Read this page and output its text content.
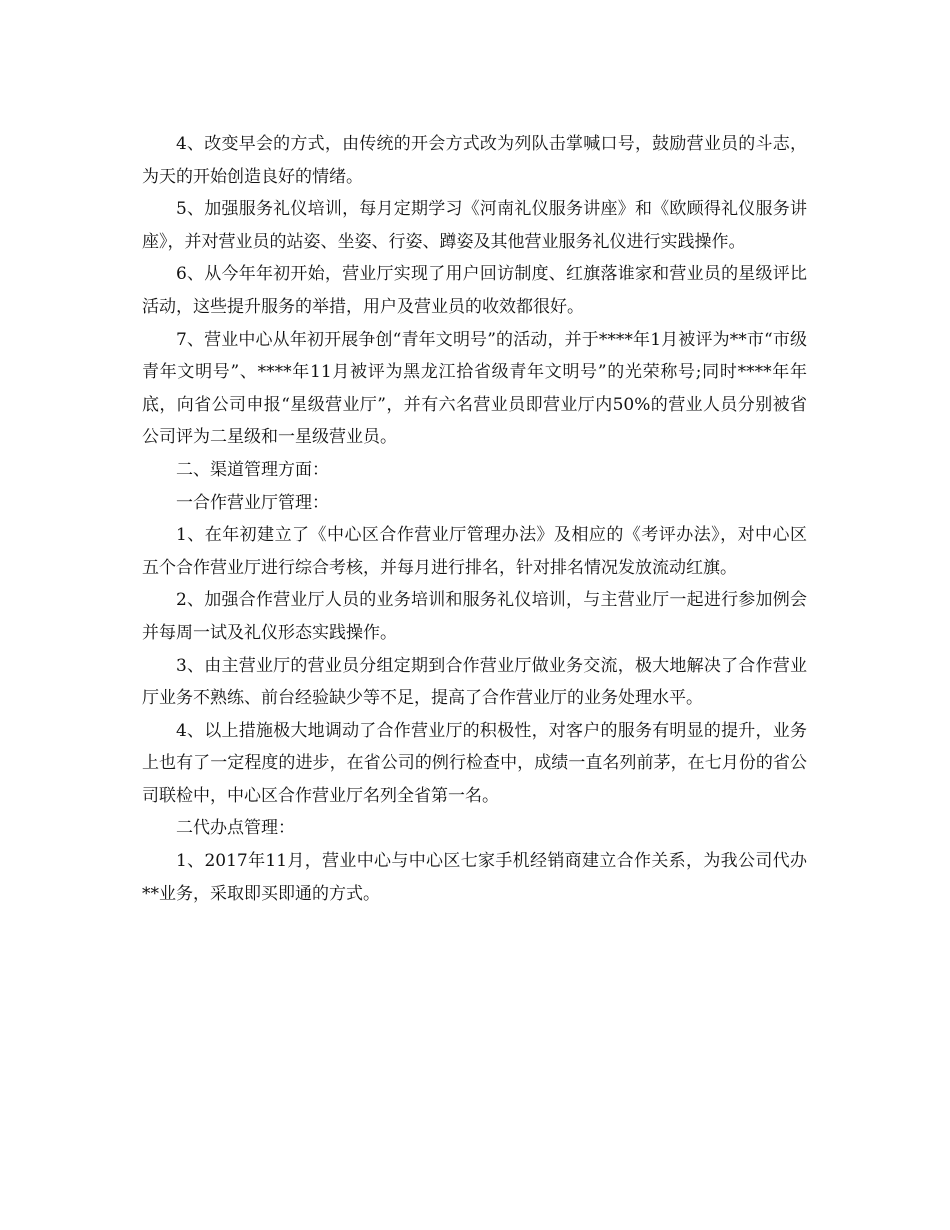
4、改变早会的方式，由传统的开会方式改为列队击掌喊口号，鼓励营业员的斗志，为天的开始创造良好的情绪。

5、加强服务礼仪培训，每月定期学习《河南礼仪服务讲座》和《欧顾得礼仪服务讲座》，并对营业员的站姿、坐姿、行姿、蹲姿及其他营业服务礼仪进行实践操作。

6、从今年年初开始，营业厅实现了用户回访制度、红旗落谁家和营业员的星级评比活动，这些提升服务的举措，用户及营业员的收效都很好。

7、营业中心从年初开展争创“青年文明号”的活动，并于****年1月被评为**市“市级青年文明号”、****年11月被评为黑龙江拾省级青年文明号”的光荣称号;同时****年年底，向省公司申报“星级营业厅”，并有六名营业员即营业厅内50%的营业人员分别被省公司评为二星级和一星级营业员。

二、渠道管理方面：

一合作营业厅管理：

1、在年初建立了《中心区合作营业厅管理办法》及相应的《考评办法》，对中心区五个合作营业厅进行综合考核，并每月进行排名，针对排名情况发放流动红旗。

2、加强合作营业厅人员的业务培训和服务礼仪培训，与主营业厅一起进行参加例会并每周一试及礼仪形态实践操作。

3、由主营业厅的营业员分组定期到合作营业厅做业务交流，极大地解决了合作营业厅业务不熟练、前台经验缺少等不足，提高了合作营业厅的业务处理水平。

4、以上措施极大地调动了合作营业厅的积极性，对客户的服务有明显的提升，业务上也有了一定程度的进步，在省公司的例行检查中，成绩一直名列前茅，在七月份的省公司联检中，中心区合作营业厅名列全省第一名。

二代办点管理：

1、2017年11月，营业中心与中心区七家手机经销商建立合作关系，为我公司代办**业务，采取即买即通的方式。
